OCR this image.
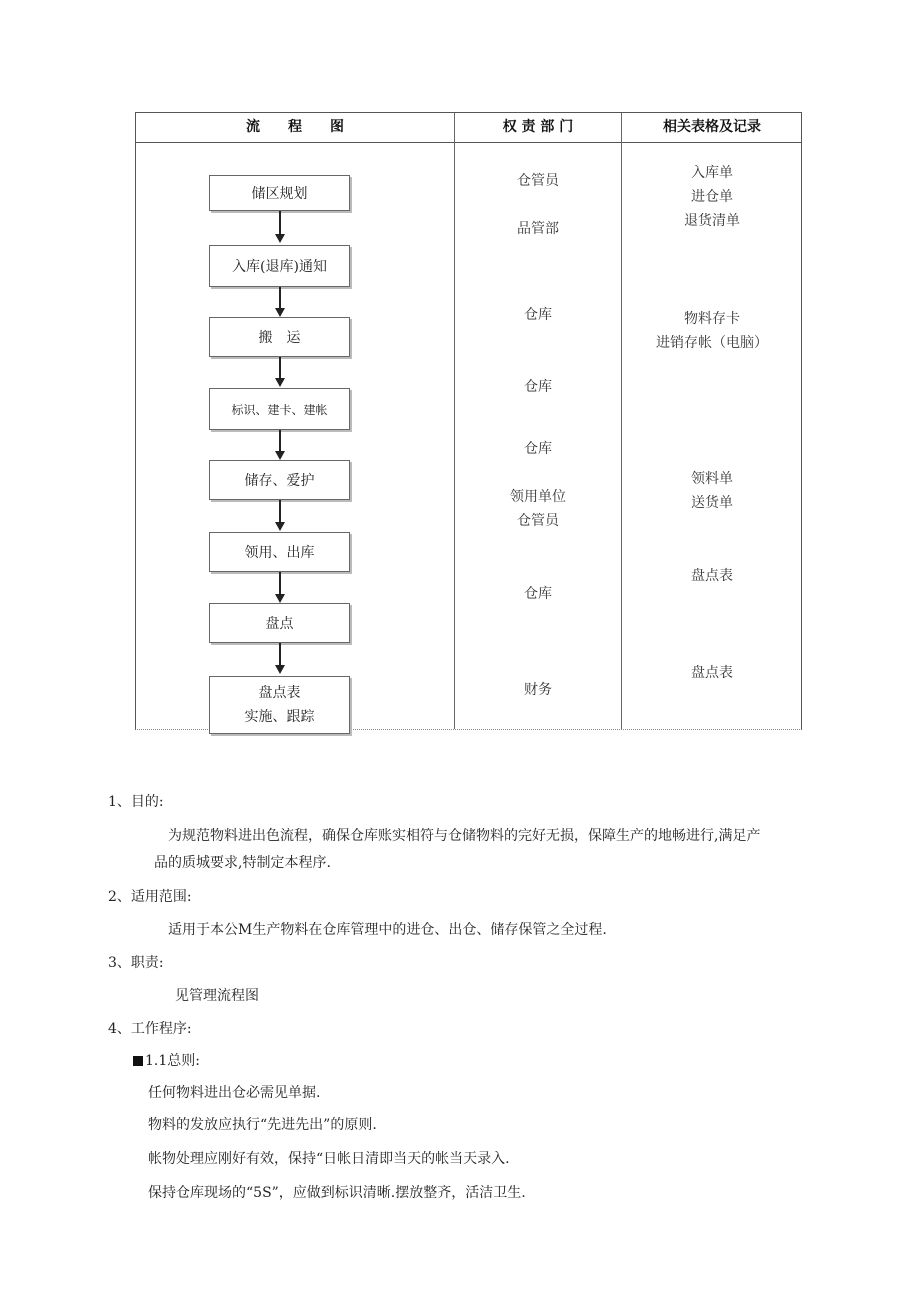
流　　程　　图	权 责 部 门	相关表格及记录
储区规划
入库(退库)通知
搬　运
标识、建卡、建帐
储存、爱护
领用、出库
盘点
盘点表
实施、跟踪
仓管员
品管部
仓库
仓库
仓库
领用单位
仓管员
仓库
财务
入库单
进仓单
退货清单
物料存卡
进销存帐（电脑）
领料单
送货单
盘点表
盘点表
1、目的:
为规范物料进出色流程，确保仓库账实相符与仓储物料的完好无损，保障生产的地畅进行,满足产
品的质城要求,特制定本程序.
2、适用范围:
适用于本公M生产物料在仓库管理中的进仓、出仓、储存保管之全过程.
3、职责:
见管理流程图
4、工作程序:
1.1总则:
任何物料进出仓必需见单据.
物料的发放应执行“先进先出”的原则.
帐物处理应刚好有效，保持“日帐日清即当天的帐当天录入.
保持仓库现场的“5S”，应做到标识清晰.摆放整齐，活洁卫生.
